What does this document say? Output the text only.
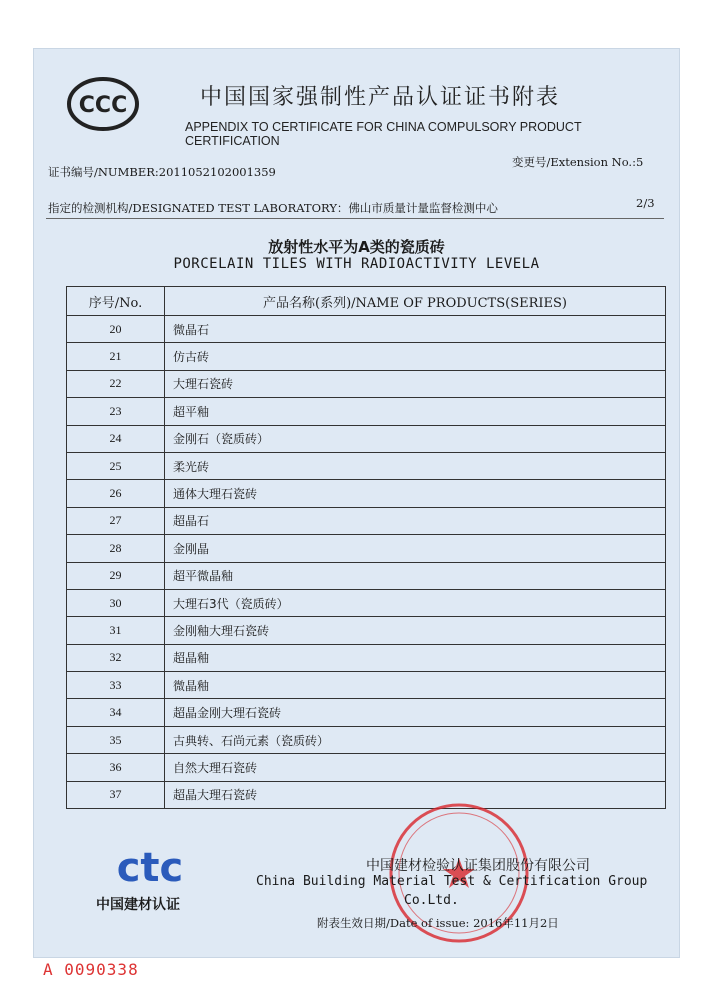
CCC	中国国家强制性产品认证证书附表
APPENDIX TO CERTIFICATE FOR CHINA COMPULSORY PRODUCT CERTIFICATION
证书编号/NUMBER:2011052102001359
变更号/Extension No.:5
指定的检测机构/DESIGNATED TEST LABORATORY：佛山市质量计量监督检测中心	2/3
放射性水平为A类的瓷质砖
PORCELAIN TILES WITH RADIOACTIVITY LEVELA
序号/No.	产品名称(系列)/NAME OF PRODUCTS(SERIES)
20	微晶石
21	仿古砖
22	大理石瓷砖
23	超平釉
24	金刚石（瓷质砖）
25	柔光砖
26	通体大理石瓷砖
27	超晶石
28	金刚晶
29	超平微晶釉
30	大理石3代（瓷质砖）
31	金刚釉大理石瓷砖
32	超晶釉
33	微晶釉
34	超晶金刚大理石瓷砖
35	古典转、石尚元素（瓷质砖）
36	自然大理石瓷砖
37	超晶大理石瓷砖
ctc
中国建材认证
中国建材检验认证集团股份有限公司
China Building Material Test & Certification Group
Co.Ltd.
附表生效日期/Date of issue: 2016年11月2日
A 0090338
